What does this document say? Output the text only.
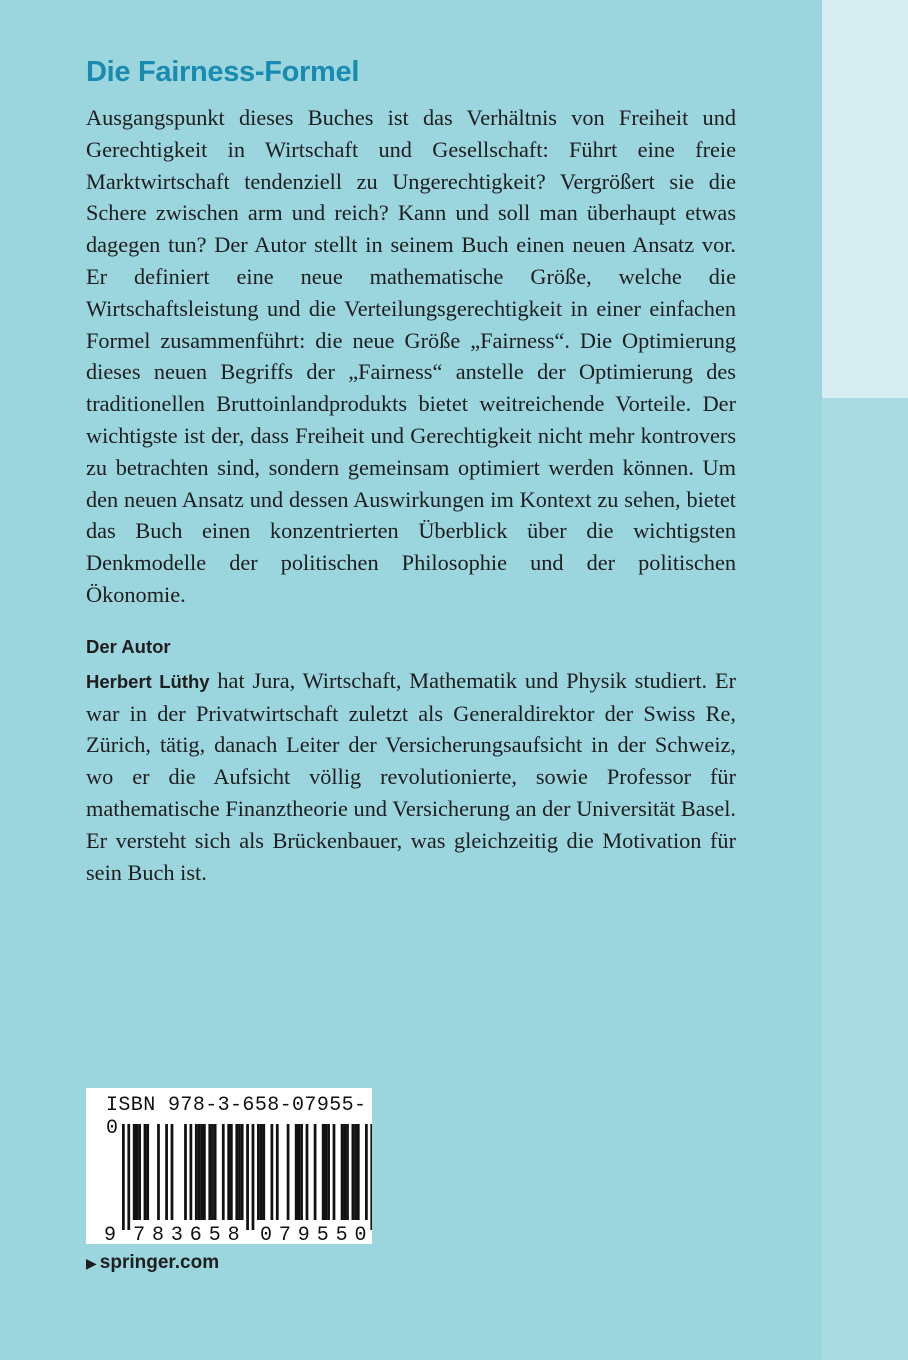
Die Fairness-Formel

Ausgangspunkt dieses Buches ist das Verhältnis von Freiheit und Gerechtigkeit in Wirtschaft und Gesellschaft: Führt eine freie Marktwirtschaft tendenziell zu Ungerechtigkeit? Vergrößert sie die Schere zwischen arm und reich? Kann und soll man überhaupt etwas dagegen tun? Der Autor stellt in seinem Buch einen neuen Ansatz vor. Er definiert eine neue mathematische Größe, welche die Wirtschaftsleistung und die Verteilungsgerechtigkeit in einer einfachen Formel zusammenführt: die neue Größe „Fairness“. Die Optimierung dieses neuen Begriffs der „Fairness“ anstelle der Optimierung des traditionellen Bruttoinlandprodukts bietet weitreichende Vorteile. Der wichtigste ist der, dass Freiheit und Gerechtigkeit nicht mehr kontrovers zu betrachten sind, sondern gemeinsam optimiert werden können. Um den neuen Ansatz und dessen Auswirkungen im Kontext zu sehen, bietet das Buch einen konzentrierten Überblick über die wichtigsten Denkmodelle der politischen Philosophie und der politischen Ökonomie.

Der Autor

Herbert Lüthy hat Jura, Wirtschaft, Mathematik und Physik studiert. Er war in der Privatwirtschaft zuletzt als Generaldirektor der Swiss Re, Zürich, tätig, danach Leiter der Versicherungsaufsicht in der Schweiz, wo er die Aufsicht völlig revolutionierte, sowie Professor für mathematische Finanztheorie und Versicherung an der Universität Basel. Er versteht sich als Brückenbauer, was gleichzeitig die Motivation für sein Buch ist.

ISBN 978-3-658-07955-0
9 7 8 3 6 5 8 0 7 9 5 5 0
▶ springer.com
